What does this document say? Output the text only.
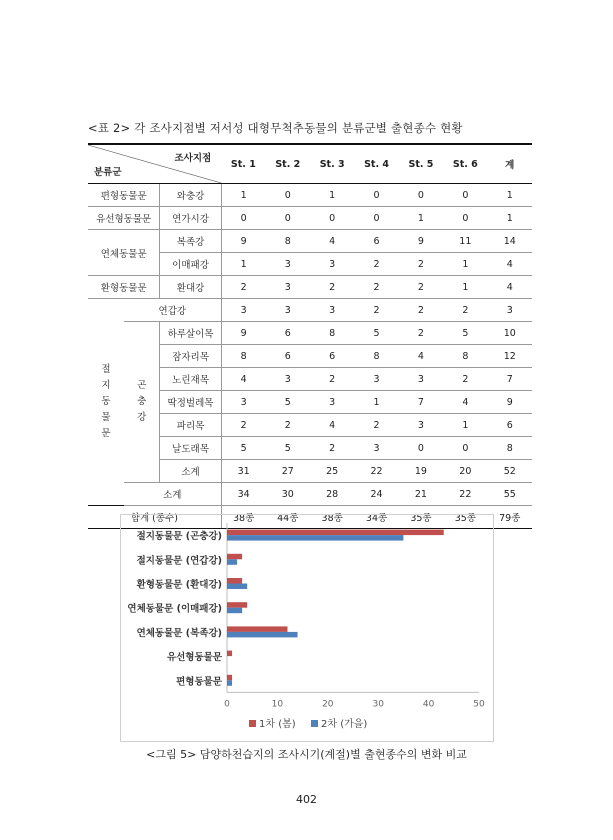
<표 2> 각 조사지점별 저서성 대형무척추동물의 분류군별 출현종수 현황
조사지점
분류군			St. 1	St. 2	St. 3	St. 4	St. 5	St. 6	계
편형동물문		와충강	1	0	1	0	0	0	1
유선형동물문		연가시강	0	0	0	0	1	0	1
연체동물문		복족강	9	8	4	6	9	11	14
		이매패강	1	3	3	2	2	1	4
환형동물문		환대강	2	3	2	2	2	1	4
절지동물문	연갑강		3	3	3	2	2	2	3
	곤충강	하루살이목	9	6	8	5	2	5	10
		잠자리목	8	6	6	8	4	8	12
		노린재목	4	3	2	3	3	2	7
		딱정벌레목	3	5	3	1	7	4	9
		파리목	2	2	4	2	3	1	6
		날도래목	5	5	2	3	0	0	8
		소계	31	27	25	22	19	20	52
	소계		34	30	28	24	21	22	55
합계 (종수)			38종	44종	38종	34종	35종	35종	79종
절지동물문 (곤충강)
절지동물문 (연갑강)
환형동물문 (환대강)
연체동물문 (이매패강)
연체동물문 (복족강)
유선형동물문
편형동물문
0	10	20	30	40	50
1차 (봄)	2차 (가을)
<그림 5> 담양하천습지의 조사시기(계절)별 출현종수의 변화 비교
402
